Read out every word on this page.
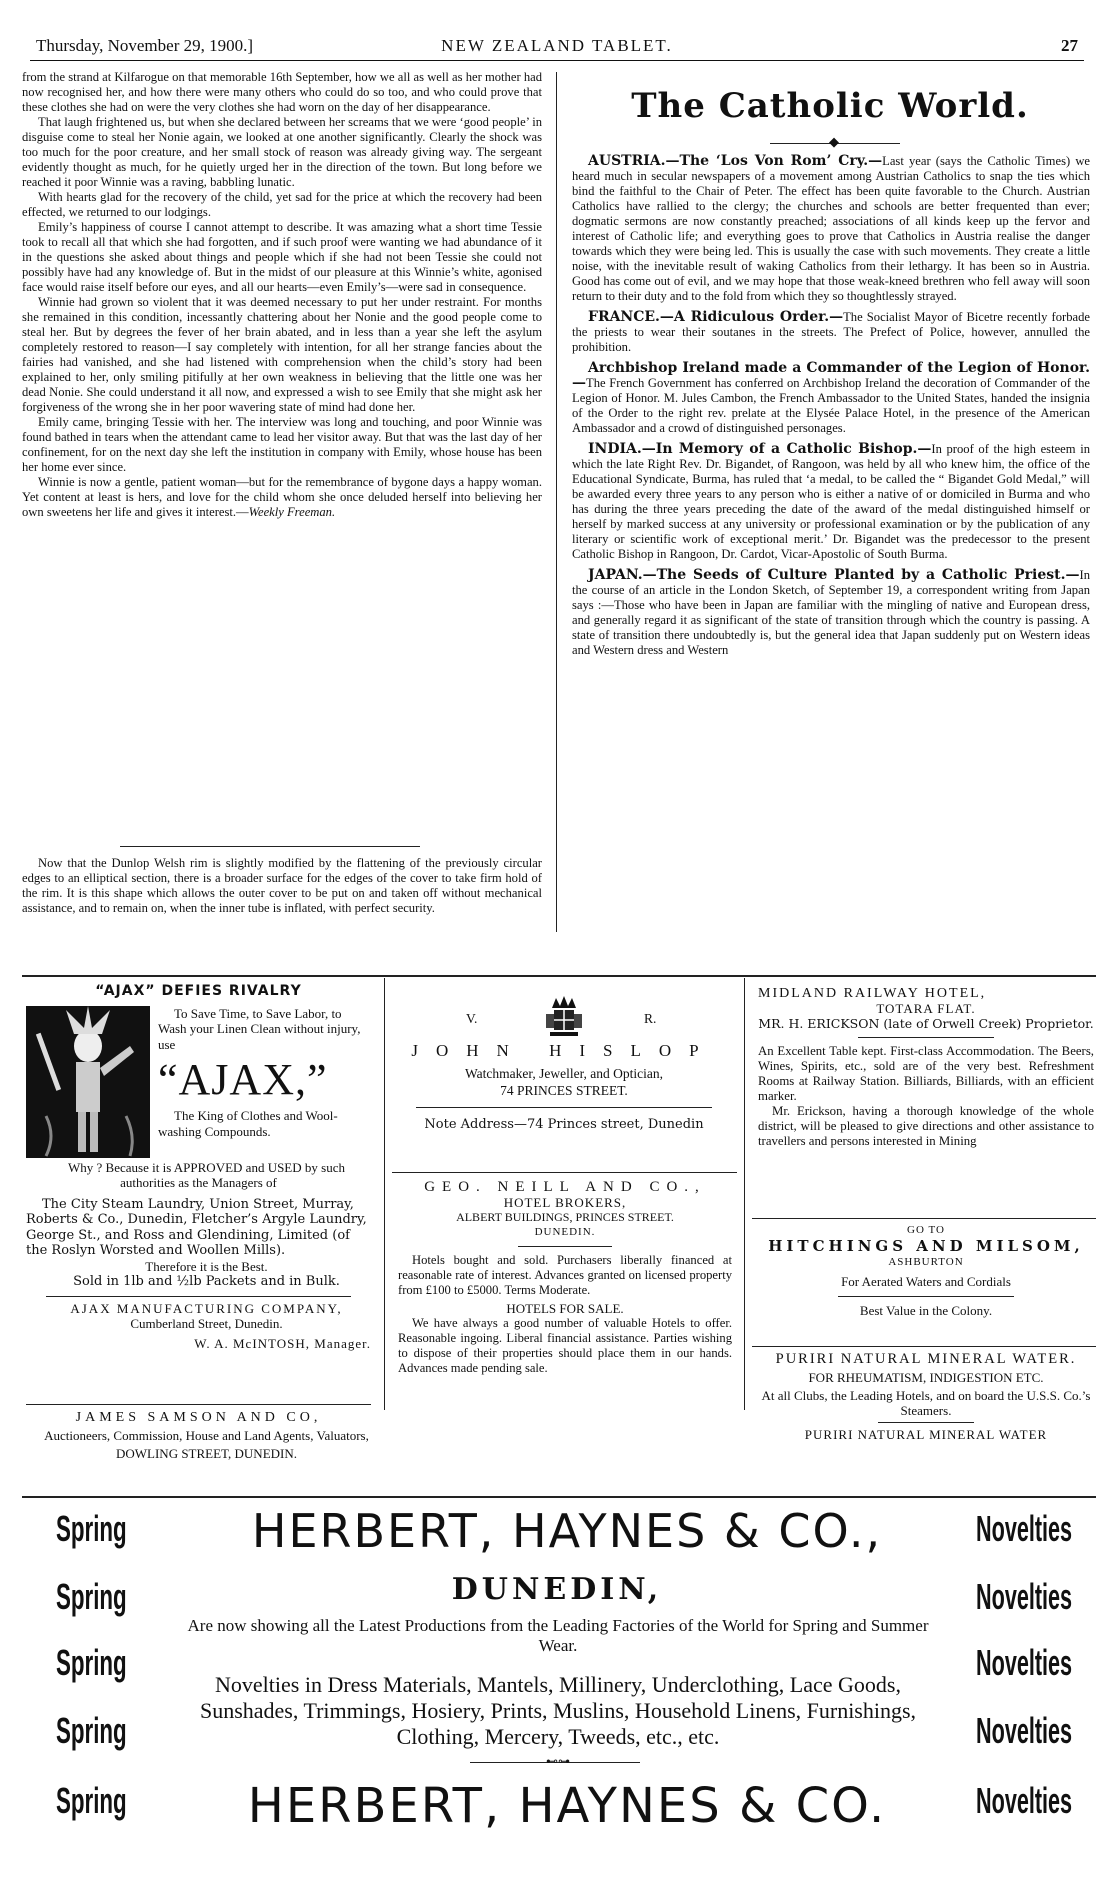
Thursday, November 29, 1900.]	NEW ZEALAND TABLET.	27

from the strand at Kilfarogue on that memorable 16th September, how we all as well as her mother had now recognised her, and how there were many others who could do so too, and who could prove that these clothes she had on were the very clothes she had worn on the day of her disappearance.

That laugh frightened us, but when she declared between her screams that we were ‘good people’ in disguise come to steal her Nonie again, we looked at one another significantly. Clearly the shock was too much for the poor creature, and her small stock of reason was already giving way. The sergeant evidently thought as much, for he quietly urged her in the direction of the town. But long before we reached it poor Winnie was a raving, babbling lunatic.

With hearts glad for the recovery of the child, yet sad for the price at which the recovery had been effected, we returned to our lodgings.

Emily’s happiness of course I cannot attempt to describe. It was amazing what a short time Tessie took to recall all that which she had forgotten, and if such proof were wanting we had abundance of it in the questions she asked about things and people which if she had not been Tessie she could not possibly have had any knowledge of. But in the midst of our pleasure at this Winnie’s white, agonised face would raise itself before our eyes, and all our hearts—even Emily’s—were sad in consequence.

Winnie had grown so violent that it was deemed necessary to put her under restraint. For months she remained in this condition, incessantly chattering about her Nonie and the good people come to steal her. But by degrees the fever of her brain abated, and in less than a year she left the asylum completely restored to reason—I say completely with intention, for all her strange fancies about the fairies had vanished, and she had listened with comprehension when the child’s story had been explained to her, only smiling pitifully at her own weakness in believing that the little one was her dead Nonie. She could understand it all now, and expressed a wish to see Emily that she might ask her forgiveness of the wrong she in her poor wavering state of mind had done her.

Emily came, bringing Tessie with her. The interview was long and touching, and poor Winnie was found bathed in tears when the attendant came to lead her visitor away. But that was the last day of her confinement, for on the next day she left the institution in company with Emily, whose house has been her home ever since.

Winnie is now a gentle, patient woman—but for the remembrance of bygone days a happy woman. Yet content at least is hers, and love for the child whom she once deluded herself into believing her own sweetens her life and gives it interest.—Weekly Freeman.

Now that the Dunlop Welsh rim is slightly modified by the flattening of the previously circular edges to an elliptical section, there is a broader surface for the edges of the cover to take firm hold of the rim. It is this shape which allows the outer cover to be put on and taken off without mechanical assistance, and to remain on, when the inner tube is inflated, with perfect security.

The Catholic World.
◆

AUSTRIA.—The ‘Los Von Rom’ Cry.—Last year (says the Catholic Times) we heard much in secular newspapers of a movement among Austrian Catholics to snap the ties which bind the faithful to the Chair of Peter. The effect has been quite favorable to the Church. Austrian Catholics have rallied to the clergy; the churches and schools are better frequented than ever; dogmatic sermons are now constantly preached; associations of all kinds keep up the fervor and interest of Catholic life; and everything goes to prove that Catholics in Austria realise the danger towards which they were being led. This is usually the case with such movements. They create a little noise, with the inevitable result of waking Catholics from their lethargy. It has been so in Austria. Good has come out of evil, and we may hope that those weak-kneed brethren who fell away will soon return to their duty and to the fold from which they so thoughtlessly strayed.

FRANCE.—A Ridiculous Order.—The Socialist Mayor of Bicetre recently forbade the priests to wear their soutanes in the streets. The Prefect of Police, however, annulled the prohibition.

Archbishop Ireland made a Commander of the Legion of Honor.—The French Government has conferred on Archbishop Ireland the decoration of Commander of the Legion of Honor. M. Jules Cambon, the French Ambassador to the United States, handed the insignia of the Order to the right rev. prelate at the Elysée Palace Hotel, in the presence of the American Ambassador and a crowd of distinguished personages.

INDIA.—In Memory of a Catholic Bishop.—In proof of the high esteem in which the late Right Rev. Dr. Bigandet, of Rangoon, was held by all who knew him, the office of the Educational Syndicate, Burma, has ruled that ‘a medal, to be called the “ Bigandet Gold Medal,” will be awarded every three years to any person who is either a native of or domiciled in Burma and who has during the three years preceding the date of the award of the medal distinguished himself or herself by marked success at any university or professional examination or by the publication of any literary or scientific work of exceptional merit.’ Dr. Bigandet was the predecessor to the present Catholic Bishop in Rangoon, Dr. Cardot, Vicar-Apostolic of South Burma.

JAPAN.—The Seeds of Culture Planted by a Catholic Priest.—In the course of an article in the London Sketch, of September 19, a correspondent writing from Japan says :—Those who have been in Japan are familiar with the mingling of native and European dress, and generally regard it as significant of the state of transition through which the country is passing. A state of transition there undoubtedly is, but the general idea that Japan suddenly put on Western ideas and Western dress and Western

“AJAX” DEFIES RIVALRY

To Save Time, to Save Labor, to Wash your Linen Clean without injury, use

“AJAX,”

The King of Clothes and Wool-washing Compounds.

Why ? Because it is APPROVED and USED by such authorities as the Managers of

The City Steam Laundry, Union Street, Murray, Roberts & Co., Dunedin, Fletcher’s Argyle Laundry, George St., and Ross and Glendining, Limited (of the Roslyn Worsted and Woollen Mills).

Therefore it is the Best.

Sold in 1lb and ½lb Packets and in Bulk.

AJAX MANUFACTURING COMPANY,

Cumberland Street, Dunedin.

W. A. McINTOSH, Manager.

JAMES SAMSON AND CO,

Auctioneers, Commission, House and Land Agents, Valuators,

DOWLING STREET, DUNEDIN.

V.	R.
JOHN HISLOP

Watchmaker, Jeweller, and Optician,

74 PRINCES STREET.

Note Address—74 Princes street, Dunedin

GEO. NEILL AND CO.,

HOTEL BROKERS,

ALBERT BUILDINGS, PRINCES STREET.

DUNEDIN.

Hotels bought and sold. Purchasers liberally financed at reasonable rate of interest. Advances granted on licensed property from £100 to £5000. Terms Moderate.

HOTELS FOR SALE.

We have always a good number of valuable Hotels to offer. Reasonable ingoing. Liberal financial assistance. Parties wishing to dispose of their properties should place them in our hands. Advances made pending sale.

MIDLAND RAILWAY HOTEL,

TOTARA FLAT.

MR. H. ERICKSON (late of Orwell Creek) Proprietor.

An Excellent Table kept. First-class Accommodation. The Beers, Wines, Spirits, etc., sold are of the very best. Refreshment Rooms at Railway Station. Billiards, Billiards, with an efficient marker.

Mr. Erickson, having a thorough knowledge of the whole district, will be pleased to give directions and other assistance to travellers and persons interested in Mining

GO TO

HITCHINGS AND MILSOM,

ASHBURTON

For Aerated Waters and Cordials

Best Value in the Colony.

PURIRI NATURAL MINERAL WATER.

FOR RHEUMATISM, INDIGESTION ETC.

At all Clubs, the Leading Hotels, and on board the U.S.S. Co.’s Steamers.

PURIRI NATURAL MINERAL WATER

Spring
Spring
Spring
Spring
Spring
Novelties
Novelties
Novelties
Novelties
Novelties
HERBERT, HAYNES & CO.,
DUNEDIN,
Are now showing all the Latest Productions from the Leading Factories of the World for Spring and Summer Wear.
Novelties in Dress Materials, Mantels, Millinery, Underclothing, Lace Goods, Sunshades, Trimmings, Hosiery, Prints, Muslins, Household Linens, Furnishings, Clothing, Mercery, Tweeds, etc., etc.
⊷⊶
HERBERT, HAYNES & CO.
